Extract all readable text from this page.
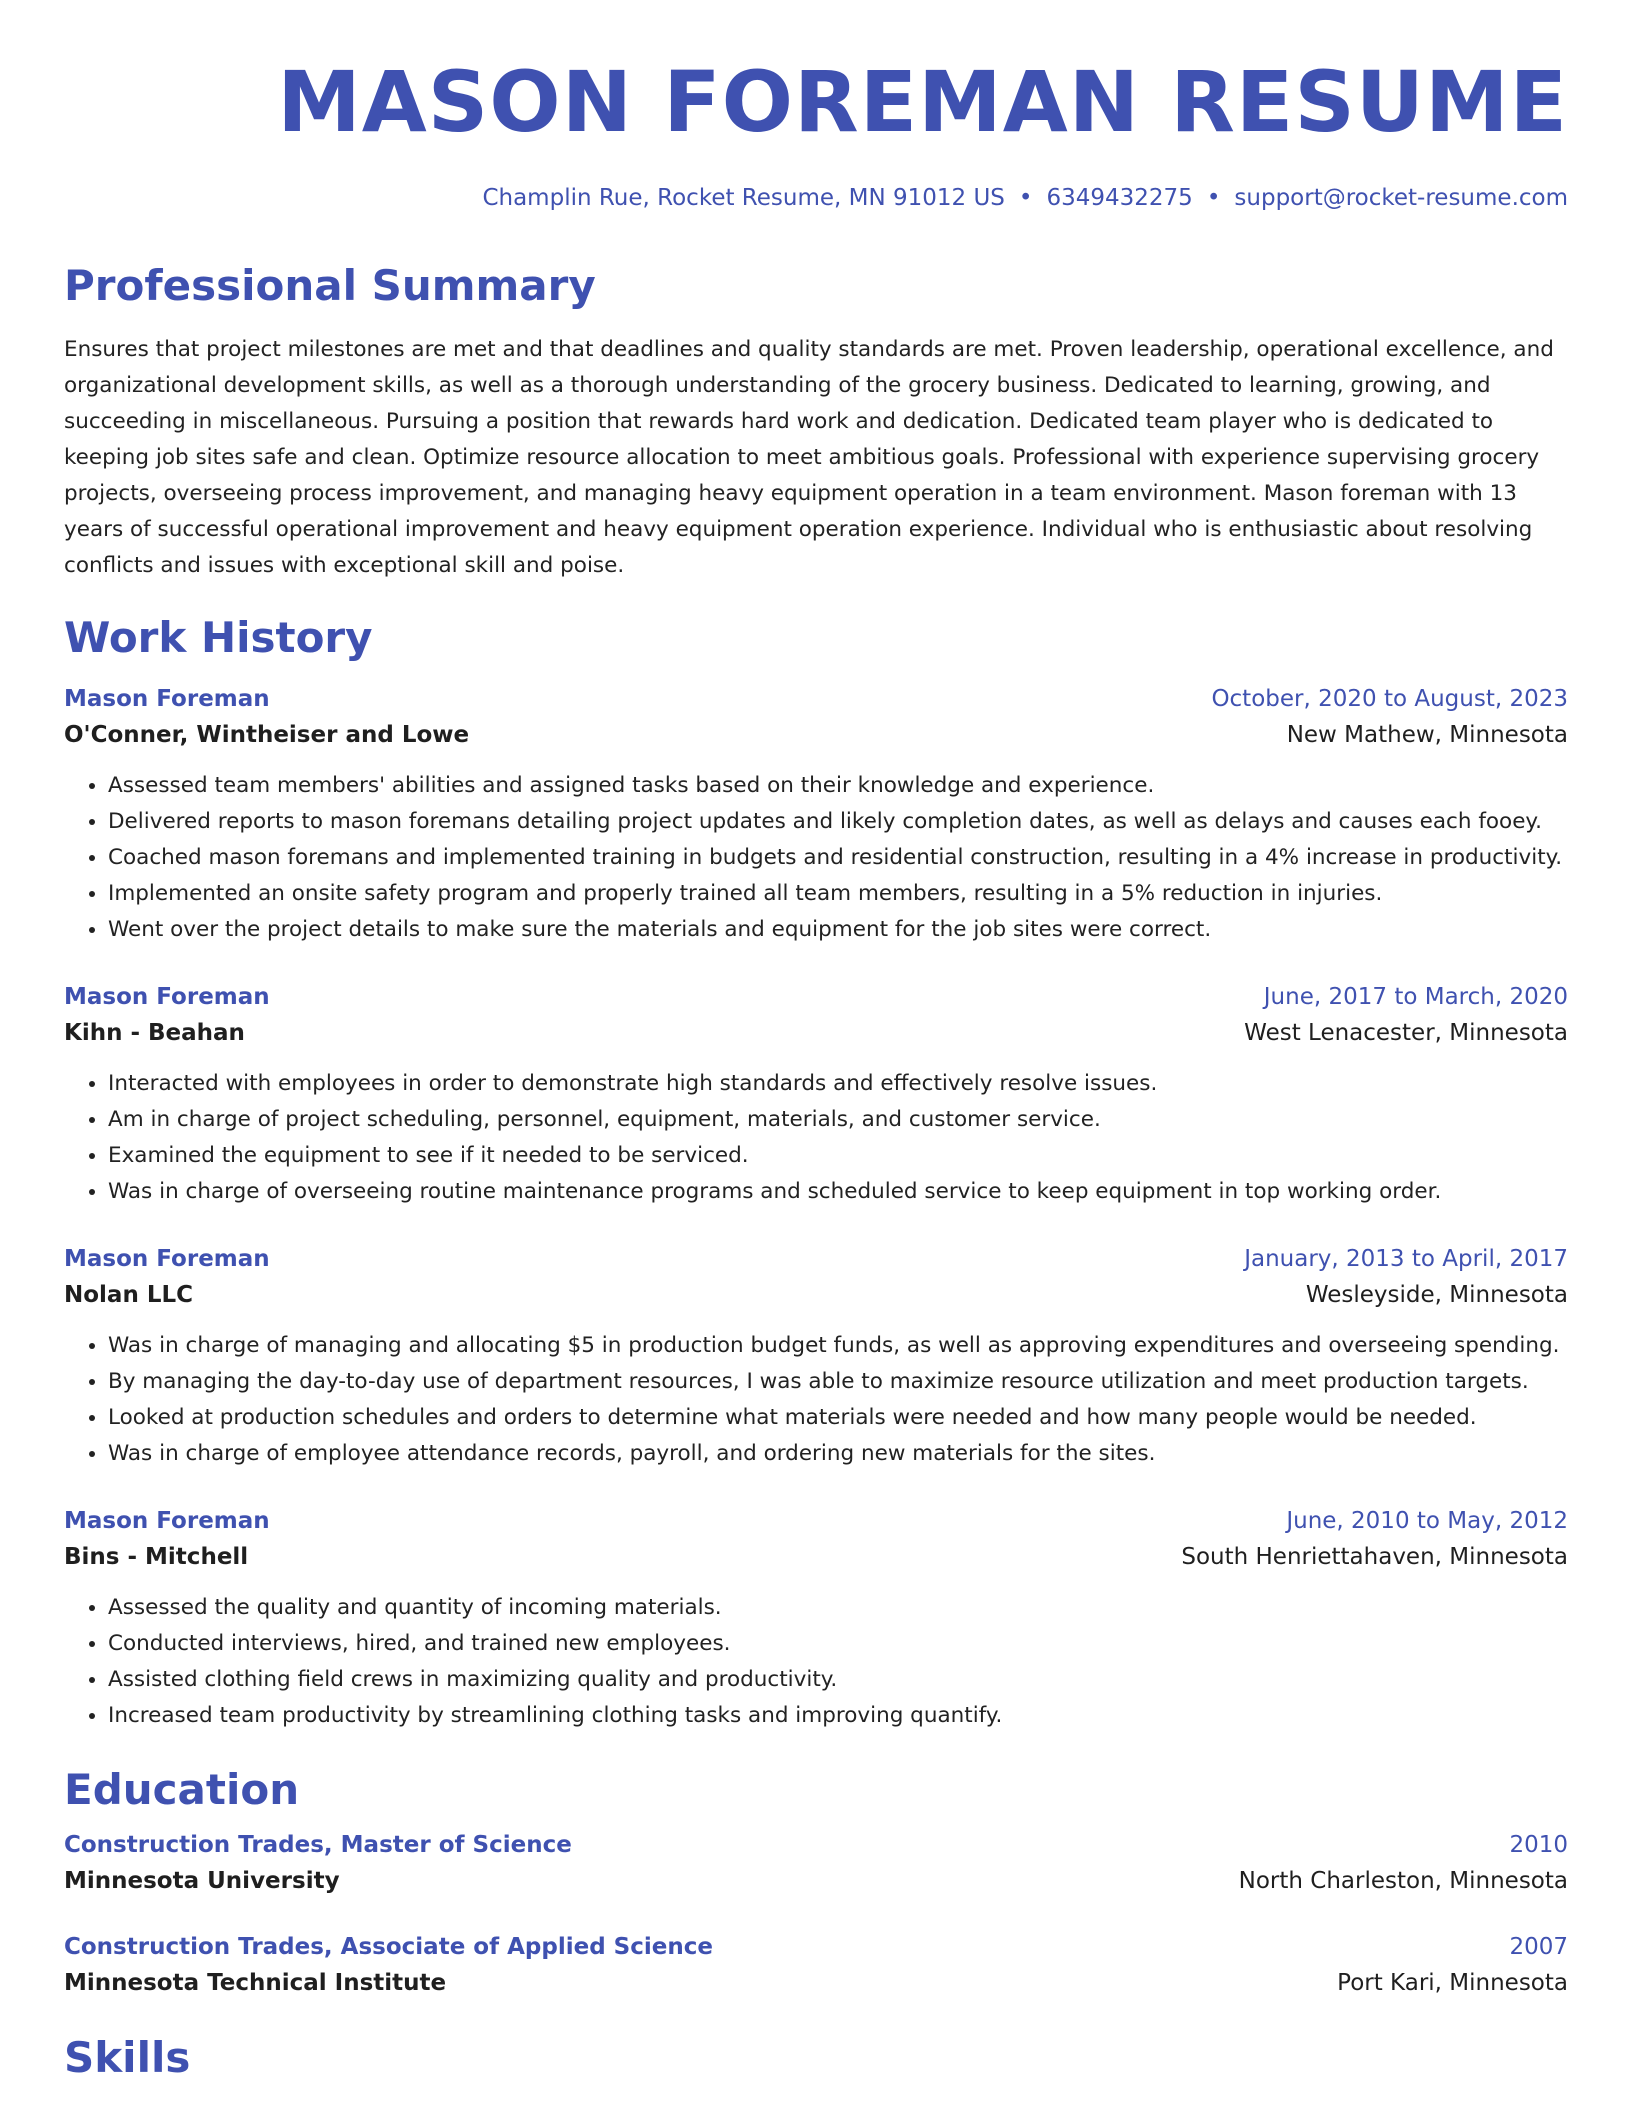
MASON FOREMAN RESUME
Champlin Rue, Rocket Resume, MN 91012 US • 6349432275 • support@rocket-resume.com
Professional Summary

Ensures that project milestones are met and that deadlines and quality standards are met. Proven leadership, operational excellence, and organizational development skills, as well as a thorough understanding of the grocery business. Dedicated to learning, growing, and succeeding in miscellaneous. Pursuing a position that rewards hard work and dedication. Dedicated team player who is dedicated to keeping job sites safe and clean. Optimize resource allocation to meet ambitious goals. Professional with experience supervising grocery projects, overseeing process improvement, and managing heavy equipment operation in a team environment. Mason foreman with 13 years of successful operational improvement and heavy equipment operation experience. Individual who is enthusiastic about resolving conflicts and issues with exceptional skill and poise.

Work History
Mason Foreman	October, 2020 to August, 2023
O'Conner, Wintheiser and Lowe	New Mathew, Minnesota
• Assessed team members' abilities and assigned tasks based on their knowledge and experience.
• Delivered reports to mason foremans detailing project updates and likely completion dates, as well as delays and causes each fooey.
• Coached mason foremans and implemented training in budgets and residential construction, resulting in a 4% increase in productivity.
• Implemented an onsite safety program and properly trained all team members, resulting in a 5% reduction in injuries.
• Went over the project details to make sure the materials and equipment for the job sites were correct.
Mason Foreman	June, 2017 to March, 2020
Kihn - Beahan	West Lenacester, Minnesota
• Interacted with employees in order to demonstrate high standards and effectively resolve issues.
• Am in charge of project scheduling, personnel, equipment, materials, and customer service.
• Examined the equipment to see if it needed to be serviced.
• Was in charge of overseeing routine maintenance programs and scheduled service to keep equipment in top working order.
Mason Foreman	January, 2013 to April, 2017
Nolan LLC	Wesleyside, Minnesota
• Was in charge of managing and allocating $5 in production budget funds, as well as approving expenditures and overseeing spending.
• By managing the day-to-day use of department resources, I was able to maximize resource utilization and meet production targets.
• Looked at production schedules and orders to determine what materials were needed and how many people would be needed.
• Was in charge of employee attendance records, payroll, and ordering new materials for the sites.
Mason Foreman	June, 2010 to May, 2012
Bins - Mitchell	South Henriettahaven, Minnesota
• Assessed the quality and quantity of incoming materials.
• Conducted interviews, hired, and trained new employees.
• Assisted clothing field crews in maximizing quality and productivity.
• Increased team productivity by streamlining clothing tasks and improving quantify.
Education
Construction Trades, Master of Science	2010
Minnesota University	North Charleston, Minnesota
Construction Trades, Associate of Applied Science	2007
Minnesota Technical Institute	Port Kari, Minnesota
Skills
